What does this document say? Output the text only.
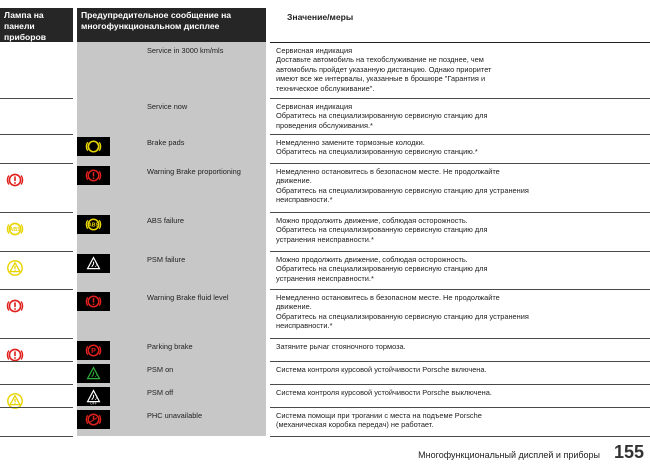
Лампа на
панели приборов
Предупредительное сообщение на
многофункциональном дисплее
Значение/меры
Service in 3000 km/mls	Сервисная индикация
Доставьте автомобиль на техобслуживание не позднее, чем
автомобиль пройдет указанную дистанцию. Однако приоритет
имеют все же интервалы, указанные в брошюре "Гарантия и
техническое обслуживание".
Service now	Сервисная индикация
Обратитесь на специализированную сервисную станцию для
проведения обслуживания.*
Brake pads	Немедленно замените тормозные колодки.
Обратитесь на специализированную сервисную станцию.*
Warning Brake proportioning	Немедленно остановитесь в безопасном месте. Не продолжайте
движение.
Обратитесь на специализированную сервисную станцию для устранения
неисправности.*
ABS
ABS
ABS failure	Можно продолжить движение, соблюдая осторожность.
Обратитесь на специализированную сервисную станцию для
устранения неисправности.*
PSM failure	Можно продолжить движение, соблюдая осторожность.
Обратитесь на специализированную сервисную станцию для
устранения неисправности.*
Warning Brake fluid level	Немедленно остановитесь в безопасном месте. Не продолжайте
движение.
Обратитесь на специализированную сервисную станцию для устранения
неисправности.*
P	Parking brake	Затяните рычаг стояночного тормоза.
PSM on	Система контроля курсовой устойчивости Porsche включена.
OFF
PSM off	Система контроля курсовой устойчивости Porsche выключена.
PHC unavailable	Система помощи при трогании с места на подъеме Porsche
(механическая коробка передач) не работает.
Многофункциональный дисплей и приборы 155
